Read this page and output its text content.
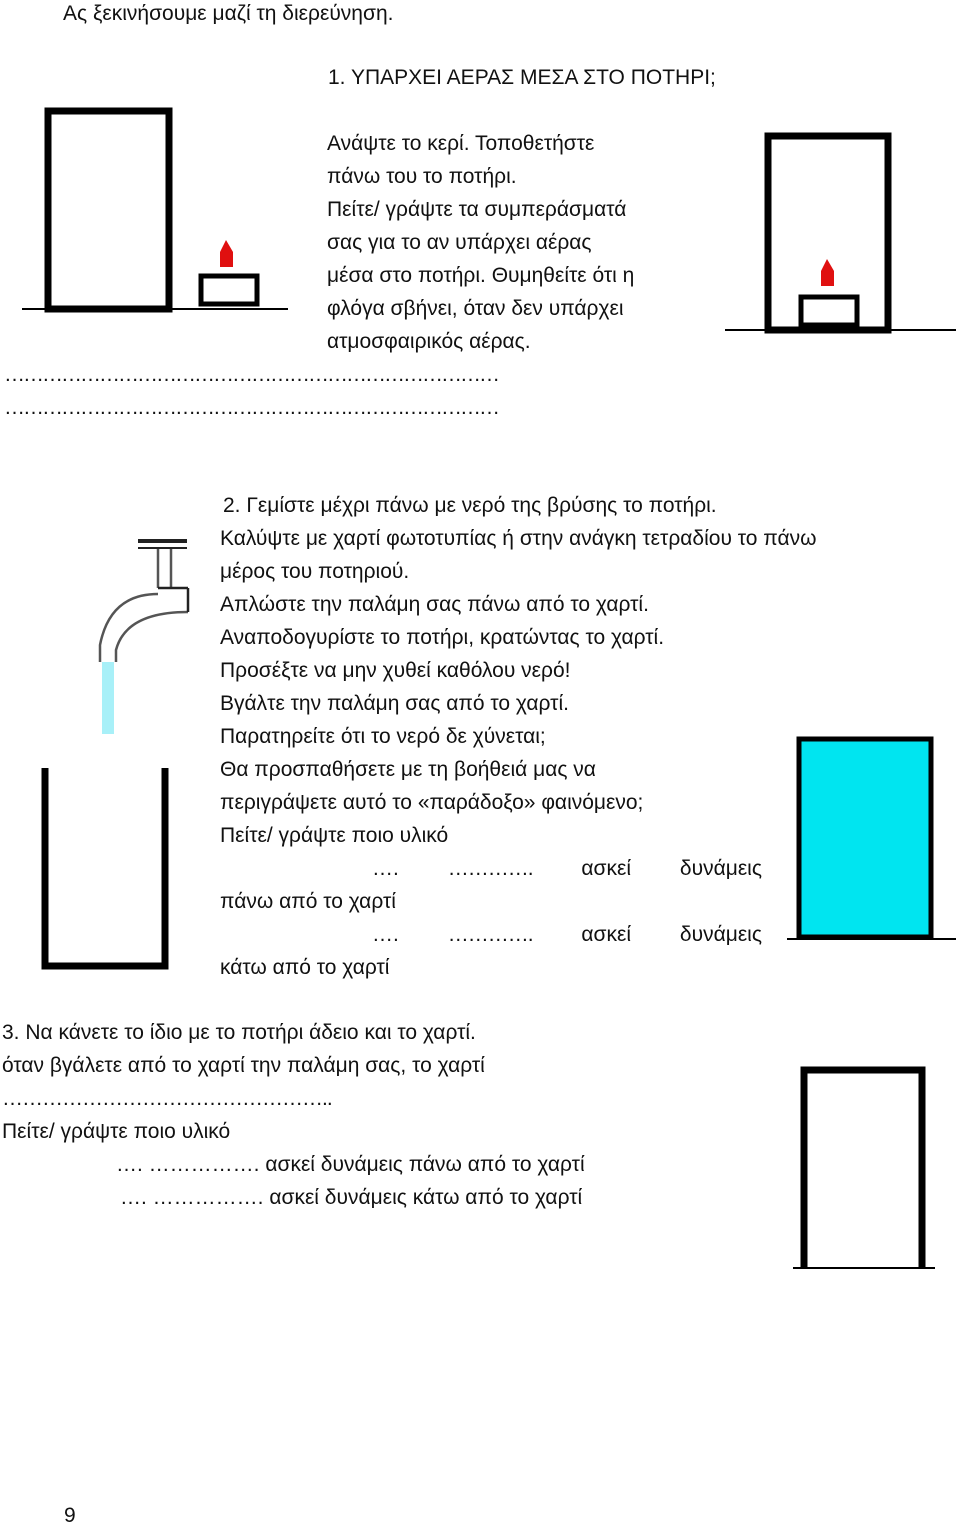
Ας ξεκινήσουμε μαζί τη διερεύνηση.
1. ΥΠΑΡΧΕΙ ΑΕΡΑΣ ΜΕΣΑ ΣΤΟ ΠΟΤΗΡΙ;
Ανάψτε το κερί. Τοποθετήστε
πάνω του το ποτήρι.
Πείτε/ γράψτε τα συμπεράσματά
σας για το αν υπάρχει αέρας
μέσα στο ποτήρι. Θυμηθείτε ότι η
φλόγα σβήνει, όταν δεν υπάρχει
ατμοσφαιρικός αέρας.
……………………………………………………………………
……………………………………………………………………
2. Γεμίστε μέχρι πάνω με νερό της βρύσης το ποτήρι.
Καλύψτε με χαρτί φωτοτυπίας ή στην ανάγκη τετραδίου το πάνω
μέρος του ποτηριού.
Απλώστε την παλάμη σας πάνω από το χαρτί.
Αναποδογυρίστε το ποτήρι, κρατώντας το χαρτί.
Προσέξτε να μην χυθεί καθόλου νερό!
Βγάλτε την παλάμη σας από το χαρτί.
Παρατηρείτε ότι το νερό δε χύνεται;
Θα προσπαθήσετε με τη βοήθειά μας να
περιγράψετε αυτό το «παράδοξο» φαινόμενο;
Πείτε/ γράψτε ποιο υλικό
…. …………. ασκεί δυνάμεις
πάνω από το χαρτί
…. …………. ασκεί δυνάμεις
κάτω από το χαρτί
3. Να κάνετε το ίδιο με το ποτήρι άδειο και το χαρτί.
όταν βγάλετε από το χαρτί την παλάμη σας, το χαρτί
…………………………………………..
Πείτε/ γράψτε ποιο υλικό
…. ……………. ασκεί δυνάμεις πάνω από το χαρτί
…. ……………. ασκεί δυνάμεις κάτω από το χαρτί
9
